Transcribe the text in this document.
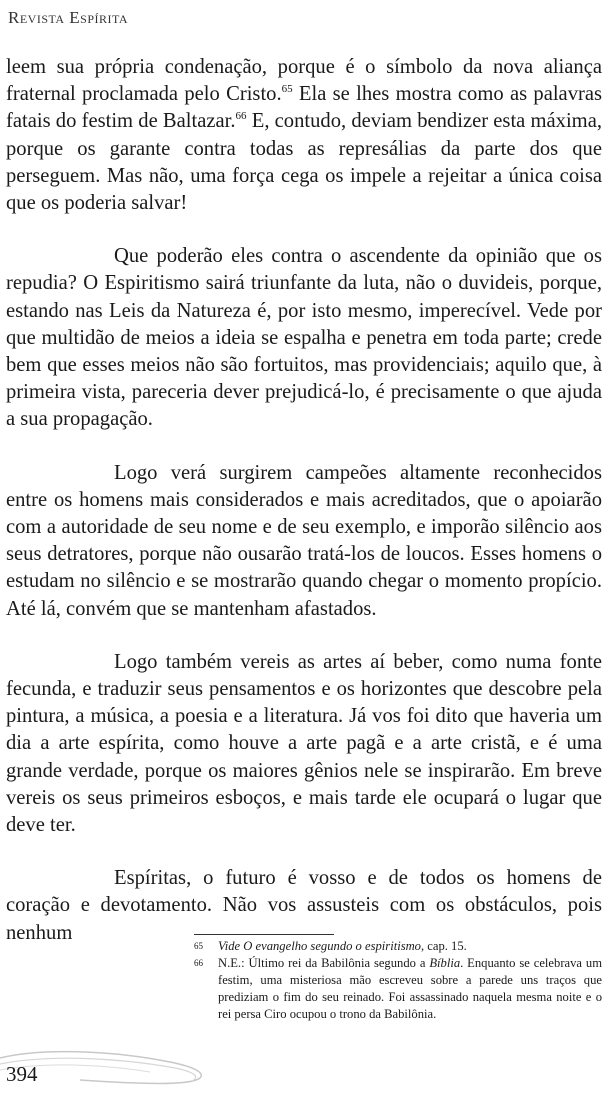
Revista Espírita

leem sua própria condenação, porque é o símbolo da nova aliança fraternal proclamada pelo Cristo.$^{65}$ Ela se lhes mostra como as palavras fatais do festim de Baltazar.$^{66}$ E, contudo, deviam bendizer esta máxima, porque os garante contra todas as represálias da parte dos que perseguem. Mas não, uma força cega os impele a rejeitar a única coisa que os poderia salvar!

Que poderão eles contra o ascendente da opinião que os repudia? O Espiritismo sairá triunfante da luta, não o duvideis, porque, estando nas Leis da Natureza é, por isto mesmo, imperecível. Vede por que multidão de meios a ideia se espalha e penetra em toda parte; crede bem que esses meios não são fortuitos, mas providenciais; aquilo que, à primeira vista, pareceria dever prejudicá-lo, é precisamente o que ajuda a sua propagação.

Logo verá surgirem campeões altamente reconhecidos entre os homens mais considerados e mais acreditados, que o apoiarão com a autoridade de seu nome e de seu exemplo, e imporão silêncio aos seus detratores, porque não ousarão tratá-los de loucos. Esses homens o estudam no silêncio e se mostrarão quando chegar o momento propício. Até lá, convém que se mantenham afastados.

Logo também vereis as artes aí beber, como numa fonte fecunda, e traduzir seus pensamentos e os horizontes que descobre pela pintura, a música, a poesia e a literatura. Já vos foi dito que haveria um dia a arte espírita, como houve a arte pagã e a arte cristã, e é uma grande verdade, porque os maiores gênios nele se inspirarão. Em breve vereis os seus primeiros esboços, e mais tarde ele ocupará o lugar que deve ter.

Espíritas, o futuro é vosso e de todos os homens de coração e devotamento. Não vos assusteis com os obstáculos, pois nenhum

65	Vide O evangelho segundo o espiritismo, cap. 15.
66	N.E.: Último rei da Babilônia segundo a Bíblia. Enquanto se celebrava um festim, uma misteriosa mão escreveu sobre a parede uns traços que prediziam o fim do seu reinado. Foi assassinado naquela mesma noite e o rei persa Ciro ocupou o trono da Babilônia.
394
